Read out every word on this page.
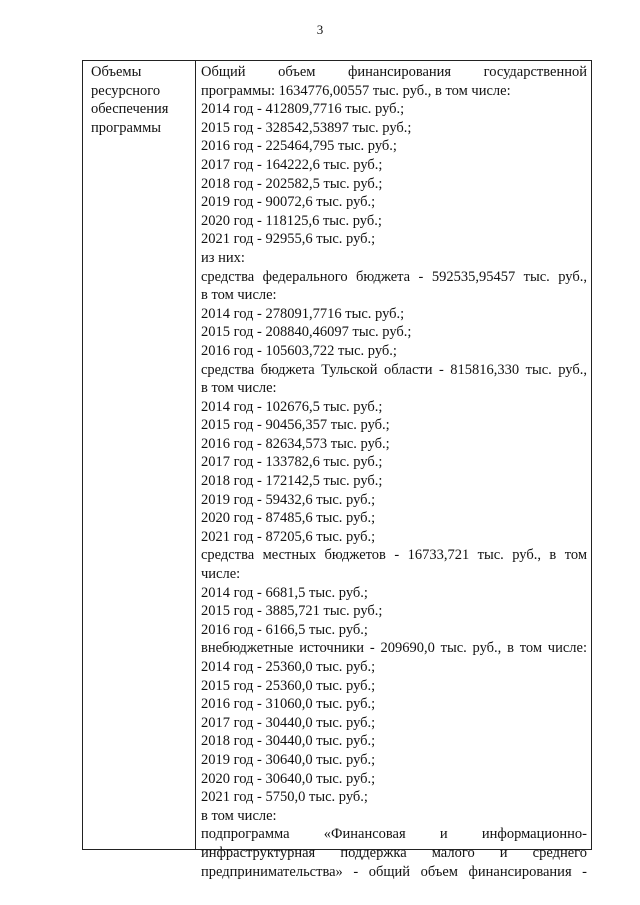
3
Объемы
ресурсного
обеспечения
программы
Общий объем финансирования государственной
программы: 1634776,00557 тыс. руб., в том числе:
2014 год - 412809,7716 тыс. руб.;
2015 год - 328542,53897 тыс. руб.;
2016 год - 225464,795 тыс. руб.;
2017 год - 164222,6 тыс. руб.;
2018 год - 202582,5 тыс. руб.;
2019 год - 90072,6 тыс. руб.;
2020 год - 118125,6 тыс. руб.;
2021 год - 92955,6 тыс. руб.;
из них:
средства федерального бюджета - 592535,95457 тыс. руб.,
в том числе:
2014 год - 278091,7716 тыс. руб.;
2015 год - 208840,46097 тыс. руб.;
2016 год - 105603,722 тыс. руб.;
средства бюджета Тульской области - 815816,330 тыс. руб.,
в том числе:
2014 год - 102676,5 тыс. руб.;
2015 год - 90456,357 тыс. руб.;
2016 год - 82634,573 тыс. руб.;
2017 год - 133782,6 тыс. руб.;
2018 год - 172142,5 тыс. руб.;
2019 год - 59432,6 тыс. руб.;
2020 год - 87485,6 тыс. руб.;
2021 год - 87205,6 тыс. руб.;
средства местных бюджетов - 16733,721 тыс. руб., в том
числе:
2014 год - 6681,5 тыс. руб.;
2015 год - 3885,721 тыс. руб.;
2016 год - 6166,5 тыс. руб.;
внебюджетные источники - 209690,0 тыс. руб., в том числе:
2014 год - 25360,0 тыс. руб.;
2015 год - 25360,0 тыс. руб.;
2016 год - 31060,0 тыс. руб.;
2017 год - 30440,0 тыс. руб.;
2018 год - 30440,0 тыс. руб.;
2019 год - 30640,0 тыс. руб.;
2020 год - 30640,0 тыс. руб.;
2021 год - 5750,0 тыс. руб.;
в том числе:
подпрограмма «Финансовая и информационно-
инфраструктурная поддержка малого и среднего
предпринимательства» - общий объем финансирования -
